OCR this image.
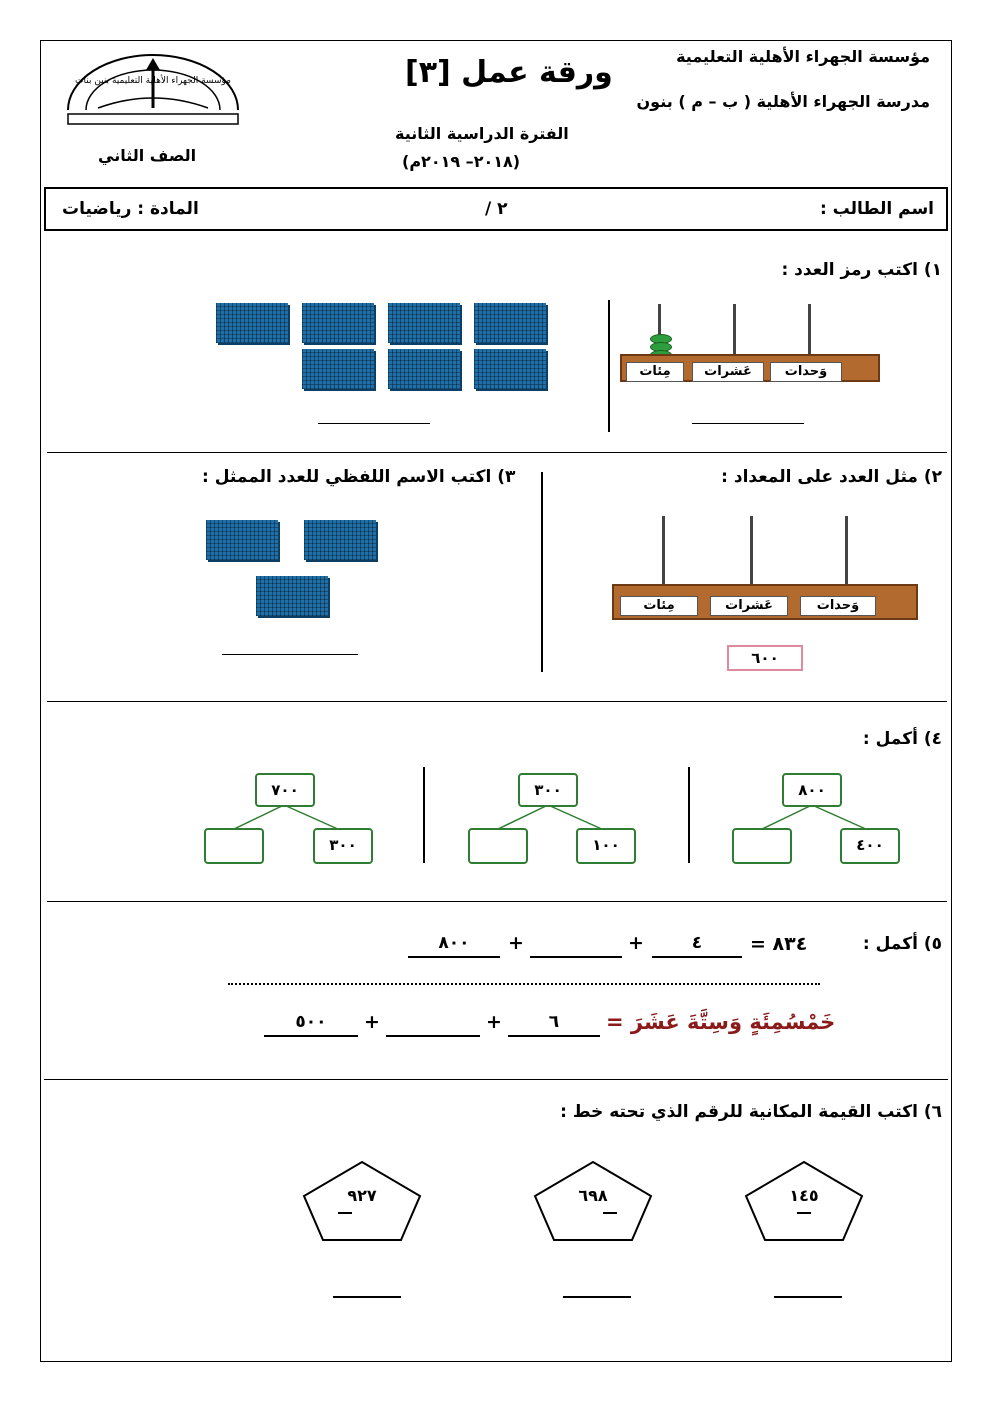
مؤسسة الجهراء الأهلية التعليمية
مدرسة الجهراء الأهلية ( ب – م ) بنون
ورقة عمل [٣]
الفترة الدراسية الثانية
(٢٠١٨– ٢٠١٩م)
الصف الثاني
مؤسسة الجهراء الأهلية التعليمية بنين بنات
اسم الطالب :
٢ /
المادة : رياضيات
١) اكتب رمز العدد :
وَحدات
عَشرات
مِئات
٢) مثل العدد على المعداد :
وَحدات
عَشرات
مِئات
٦٠٠
٣) اكتب الاسم اللفظي للعدد الممثل :
٤) أكمل :
٨٠٠
٤٠٠
٣٠٠
١٠٠
٧٠٠
٣٠٠
٥) أكمل :
٨٣٤ =
٤
+
+
٨٠٠
خَمْسُمِئَةٍ وَسِتَّةَ عَشَرَ =
٦
+
+
٥٠٠
٦) اكتب القيمة المكانية للرقم الذي تحته خط :
١٤٥
٦٩٨
٩٢٧
